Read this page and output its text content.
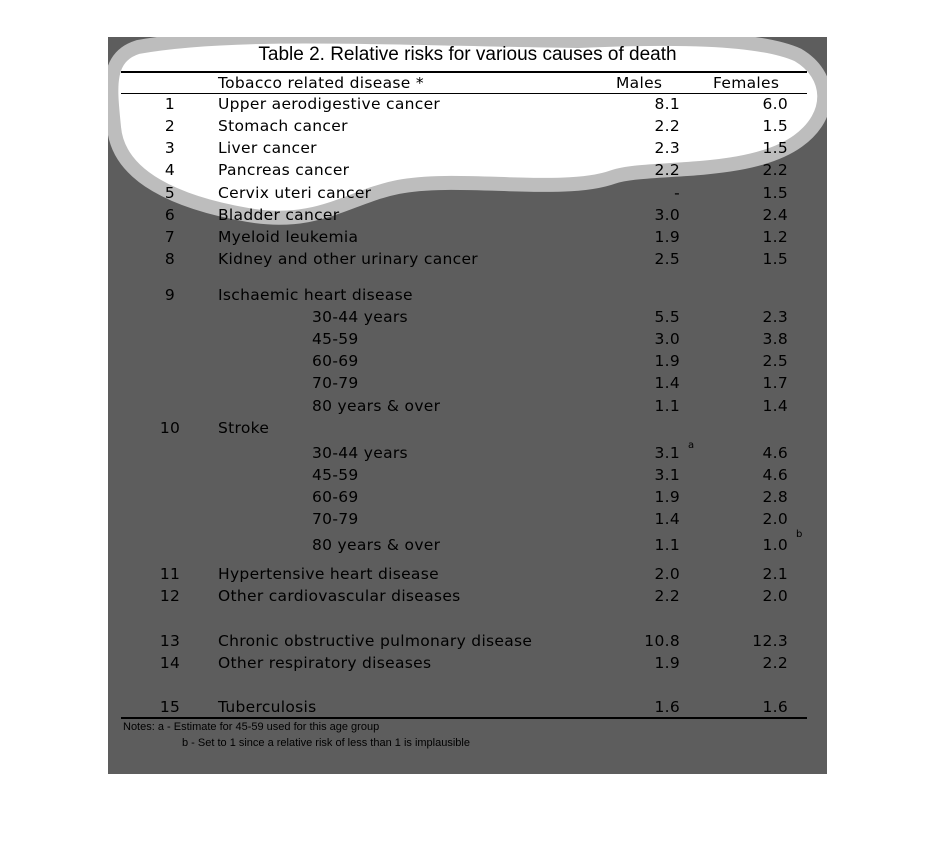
Table 2. Relative risks for various causes of death
Tobacco related disease *	Males	Females
1	Upper aerodigestive cancer	8.1	6.0
2	Stomach cancer	2.2	1.5
3	Liver cancer	2.3	1.5
4	Pancreas cancer	2.2	2.2
5	Cervix uteri cancer	-	1.5
6	Bladder cancer	3.0	2.4
7	Myeloid leukemia	1.9	1.2
8	Kidney and other urinary cancer	2.5	1.5
9	Ischaemic heart disease
30-44 years	5.5	2.3
45-59	3.0	3.8
60-69	1.9	2.5
70-79	1.4	1.7
80 years & over	1.1	1.4
10	Stroke
30-44 years	3.1	4.6
a
45-59	3.1	4.6
60-69	1.9	2.8
70-79	1.4	2.0
80 years & over	1.1	1.0
b
11	Hypertensive heart disease	2.0	2.1
12	Other cardiovascular diseases	2.2	2.0
13	Chronic obstructive pulmonary disease	10.8	12.3
14	Other respiratory diseases	1.9	2.2
15	Tuberculosis	1.6	1.6
Notes: a - Estimate for 45-59 used for this age group
b - Set to 1 since a relative risk of less than 1 is implausible
